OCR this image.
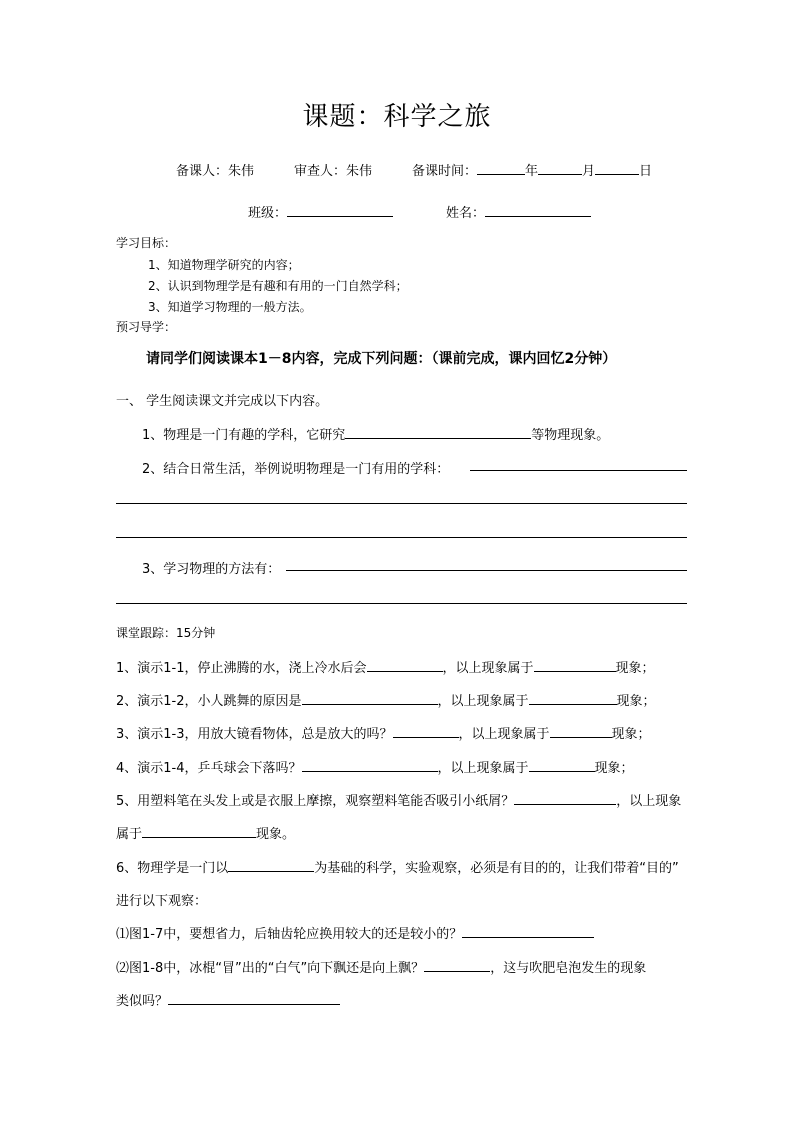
课题：科学之旅
备课人：朱伟	审查人：朱伟	备课时间：	年	月	日
班级：	姓名：
学习目标：
1、知道物理学研究的内容；
2、认识到物理学是有趣和有用的一门自然学科；
3、知道学习物理的一般方法。
预习导学：
请同学们阅读课本1－8内容，完成下列问题：（课前完成，课内回忆2分钟）
一、 学生阅读课文并完成以下内容。
1、物理是一门有趣的学科，它研究	等物理现象。
2、结合日常生活，举例说明物理是一门有用的学科：
3、学习物理的方法有：
课堂跟踪：15分钟
1、演示1-1，停止沸腾的水，浇上冷水后会	，以上现象属于	现象；
2、演示1-2，小人跳舞的原因是	，以上现象属于	现象；
3、演示1-3，用放大镜看物体，总是放大的吗？	，以上现象属于	现象；
4、演示1-4，乒乓球会下落吗？	，以上现象属于	现象；
5、用塑料笔在头发上或是衣服上摩擦，观察塑料笔能否吸引小纸屑？	，以上现象
属于	现象。
6、物理学是一门以	为基础的科学，实验观察，必须是有目的的，让我们带着“目的”
进行以下观察：
⑴图1-7中，要想省力，后轴齿轮应换用较大的还是较小的？
⑵图1-8中，冰棍“冒”出的“白气”向下飘还是向上飘？	，这与吹肥皂泡发生的现象
类似吗？
